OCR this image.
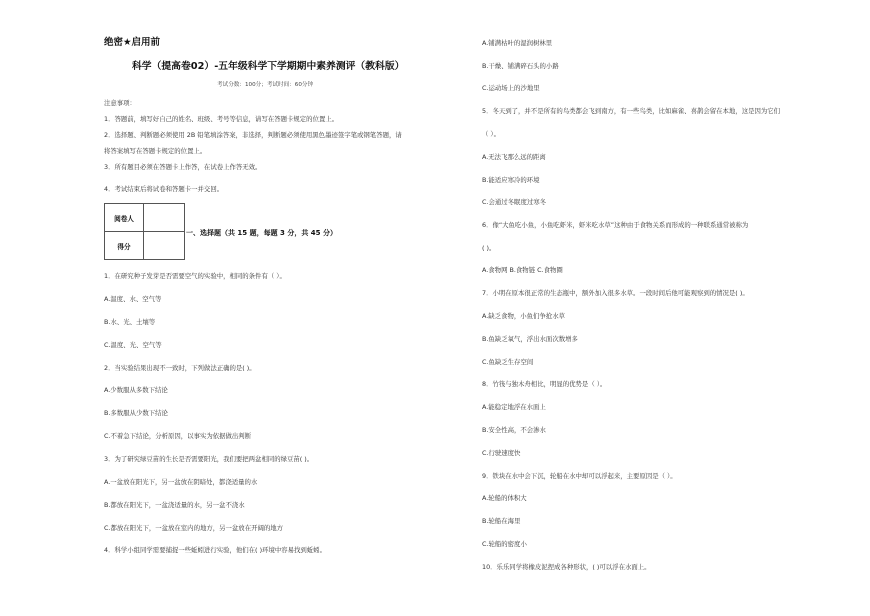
绝密★启用前
科学（提高卷02）-五年级科学下学期期中素养测评（教科版）
考试分数：100分；考试时间：60分钟
注意事项：
1．答题前，填写好自己的姓名、班级、考号等信息，请写在答题卡规定的位置上。
2．选择题、判断题必须使用 2B 铅笔填涂答案，非选择，判断题必须使用黑色墨迹签字笔或钢笔答题，请
将答案填写在答题卡规定的位置上。
3．所有题目必须在答题卡上作答，在试卷上作答无效。
4．考试结束后将试卷和答题卡一并交回。
阅卷人	
得分	
一、选择题（共 15 题，每题 3 分，共 45 分）
1．在研究种子发芽是否需要空气的实验中，相同的条件有（ ）。
A.温度、水、空气等
B.水、光、土壤等
C.温度、光、空气等
2．当实验结果出现不一致时，下列做法正确的是( )。
A.少数服从多数下结论
B.多数服从少数下结论
C.不着急下结论，分析原因，以事实为依据做出判断
3．为了研究绿豆苗的生长是否需要阳光，我们要把两盆相同的绿豆苗( )。
A.一盆放在阳光下，另一盆放在阴暗处，都浇适量的水
B.都放在阳光下，一盆浇适量的水，另一盆不浇水
C.都放在阳光下，一盆放在室内的地方，另一盆放在开阔的地方
4．科学小组同学需要捕捉一些蚯蚓进行实验，他们在( )环境中容易找到蚯蚓。
A.铺满枯叶的湿润树林里
B.干燥、铺满碎石头的小路
C.运动场上的沙地里
5．冬天到了，并不是所有的鸟类都会飞到南方，有一些鸟类，比如麻雀、喜鹊会留在本地，这是因为它们
（ ）。
A.无法飞那么远的距离
B.能适应寒冷的环境
C.会通过冬眠度过寒冬
6．像“大鱼吃小鱼，小鱼吃虾米，虾米吃水草”这种由于食物关系而形成的一种联系通常被称为
( )。
A.食物网 B.食物链 C.食物圈
7．小明在原本很正常的生态瓶中，额外加入很多水草。一段时间后他可能观察到的情况是( )。
A.缺乏食物，小鱼们争抢水草
B.鱼缺乏氧气，浮出水面次数增多
C.鱼缺乏生存空间
8．竹筏与独木舟相比，明显的优势是（ ）。
A.能稳定地浮在水面上
B.安全性高，不会渗水
C.行驶速度快
9．铁块在水中会下沉，轮船在水中却可以浮起来，主要原因是（ ）。
A.轮船的体积大
B.轮船在海里
C.轮船的密度小
10．乐乐同学将橡皮泥捏成各种形状，( )可以浮在水面上。
